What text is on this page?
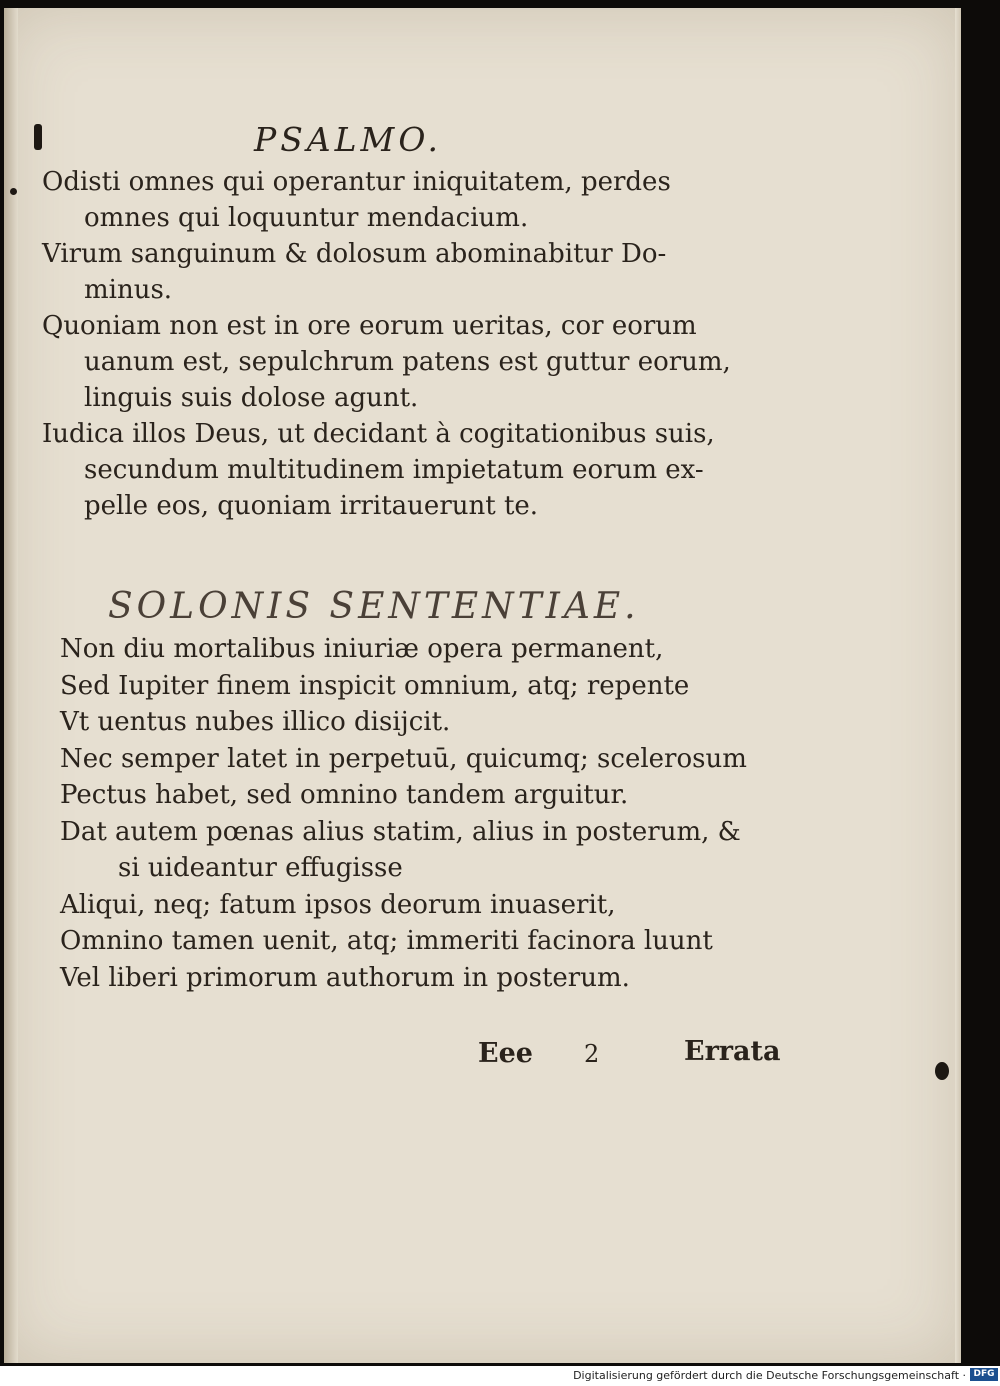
PSALMO.

Odisti omnes qui operantur iniquitatem, perdes

omnes qui loquuntur mendacium.

Virum sanguinum & dolosum abominabitur Do-

minus.

Quoniam non est in ore eorum ueritas, cor eorum

uanum est, sepulchrum patens est guttur eorum,

linguis suis dolose agunt.

Iudica illos Deus, ut decidant à cogitationibus suis,

secundum multitudinem impietatum eorum ex-

pelle eos, quoniam irritauerunt te.

SOLONIS SENTENTIAE.

Non diu mortalibus iniuriæ opera permanent,

Sed Iupiter finem inspicit omnium, atq; repente

Vt uentus nubes illico disijcit.

Nec semper latet in perpetuū, quicumq; scelerosum

Pectus habet, sed omnino tandem arguitur.

Dat autem pœnas alius statim, alius in posterum, &

si uideantur effugisse

Aliqui, neq; fatum ipsos deorum inuaserit,

Omnino tamen uenit, atq; immeriti facinora luunt

Vel liberi primorum authorum in posterum.

Eee 2	Errata
Digitalisierung gefördert durch die Deutsche Forschungsgemeinschaft · DFG
